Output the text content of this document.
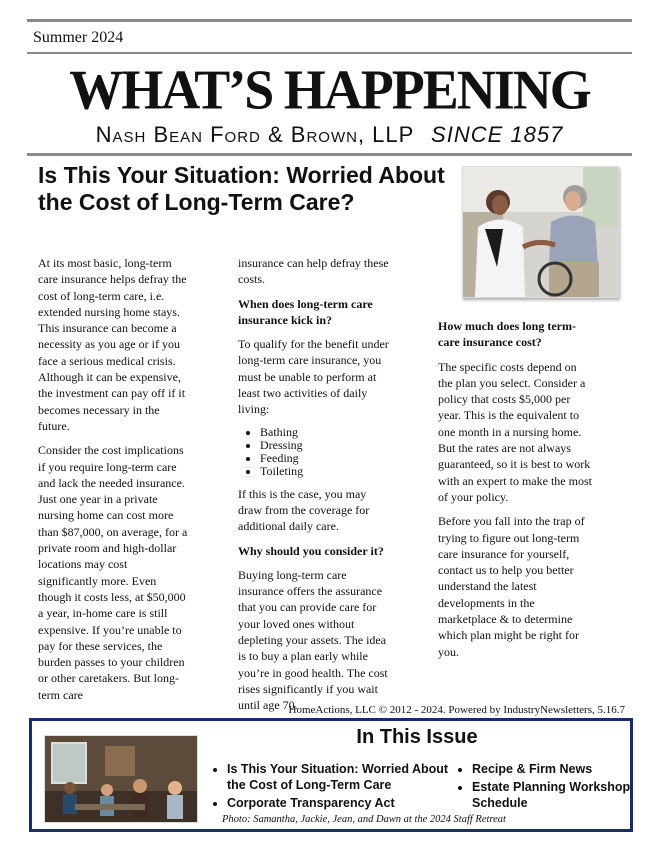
Summer 2024
WHAT’S HAPPENING
Nash Bean Ford & Brown, LLP SINCE 1857
Is This Your Situation: Worried About the Cost of Long-Term Care?

At its most basic, long-term care insurance helps defray the cost of long-term care, i.e. extended nursing home stays. This insurance can become a necessity as you age or if you face a serious medical crisis. Although it can be expensive, the investment can pay off if it becomes necessary in the future.

Consider the cost implications if you require long-term care and lack the needed insurance. Just one year in a private nursing home can cost more than $87,000, on average, for a private room and high-dollar locations may cost significantly more. Even though it costs less, at $50,000 a year, in-home care is still expensive. If you’re unable to pay for these services, the burden passes to your children or other caretakers. But long-term care

insurance can help defray these costs.

When does long-term care insurance kick in?

To qualify for the benefit under long-term care insurance, you must be unable to perform at least two activities of daily living:

• Bathing
• Dressing
• Feeding
• Toileting

If this is the case, you may draw from the coverage for additional daily care.

Why should you consider it?

Buying long-term care insurance offers the assurance that you can provide care for your loved ones without depleting your assets. The idea is to buy a plan early while you’re in good health. The cost rises significantly if you wait until age 70.

How much does long term-care insurance cost?

The specific costs depend on the plan you select. Consider a policy that costs $5,000 per year. This is the equivalent to one month in a nursing home. But the rates are not always guaranteed, so it is best to work with an expert to make the most of your policy.

Before you fall into the trap of trying to figure out long-term care insurance for yourself, contact us to help you better understand the latest developments in the marketplace & to determine which plan might be right for you.

HomeActions, LLC © 2012 - 2024. Powered by IndustryNewsletters, 5.16.7
In This Issue
• Is This Your Situation: Worried About the Cost of Long-Term Care
• Corporate Transparency Act
• Recipe & Firm News
• Estate Planning Workshop Schedule
Photo: Samantha, Jackie, Jean, and Dawn at the 2024 Staff Retreat
